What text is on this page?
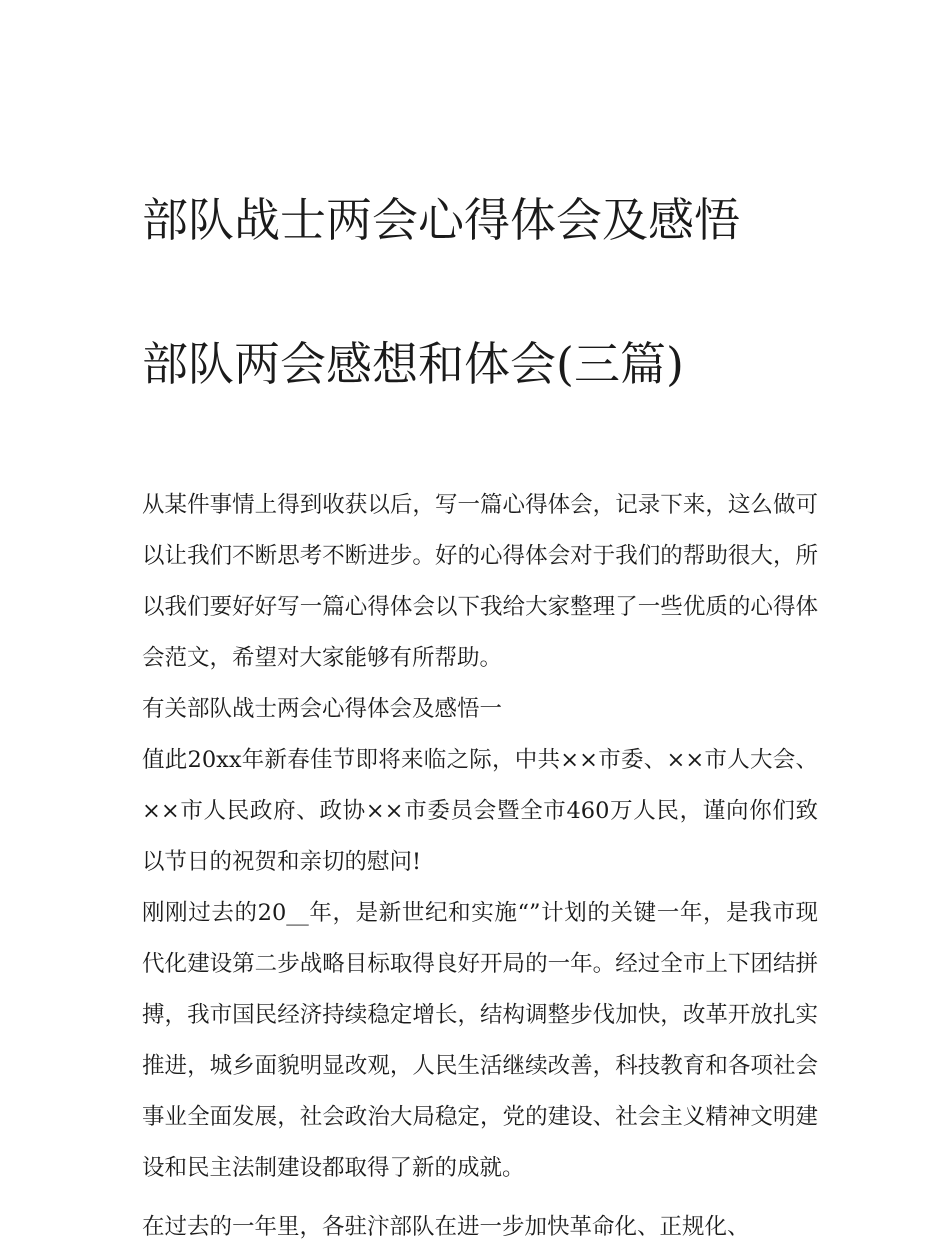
部队战士两会心得体会及感悟

部队两会感想和体会(三篇)

从某件事情上得到收获以后，写一篇心得体会，记录下来，这么做可以让我们不断思考不断进步。好的心得体会对于我们的帮助很大，所以我们要好好写一篇心得体会以下我给大家整理了一些优质的心得体会范文，希望对大家能够有所帮助。

有关部队战士两会心得体会及感悟一

值此20xx年新春佳节即将来临之际，中共××市委、××市人大会、××市人民政府、政协××市委员会暨全市460万人民，谨向你们致以节日的祝贺和亲切的慰问!

刚刚过去的20__年，是新世纪和实施“”计划的关键一年，是我市现代化建设第二步战略目标取得良好开局的一年。经过全市上下团结拼搏，我市国民经济持续稳定增长，结构调整步伐加快，改革开放扎实推进，城乡面貌明显改观，人民生活继续改善，科技教育和各项社会事业全面发展，社会政治大局稳定，党的建设、社会主义精神文明建设和民主法制建设都取得了新的成就。

在过去的一年里，各驻汴部队在进一步加快革命化、正规化、
